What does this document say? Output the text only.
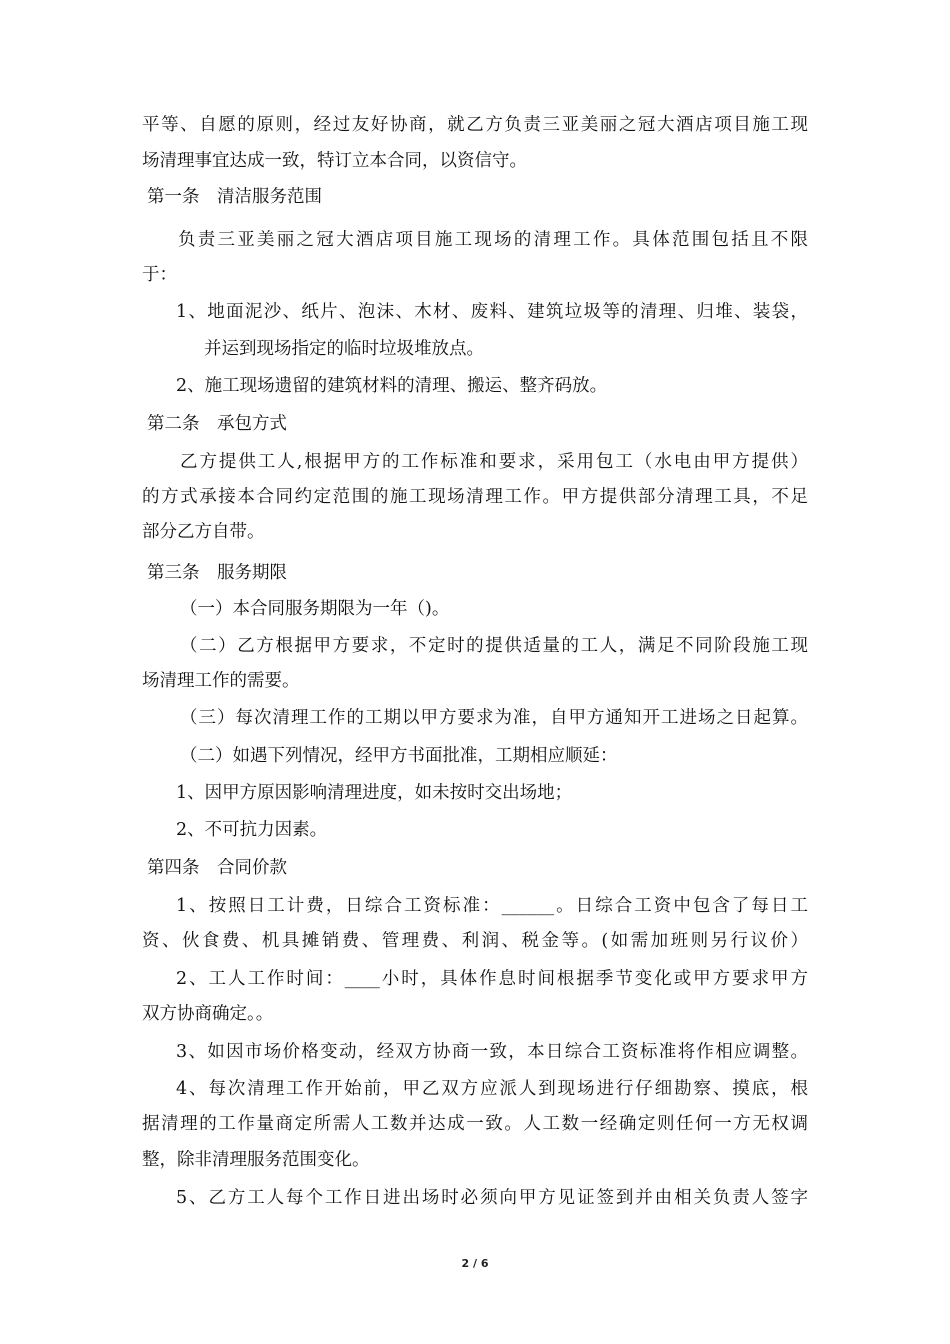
平等、自愿的原则，经过友好协商，就乙方负责三亚美丽之冠大酒店项目施工现
场清理事宜达成一致，特订立本合同，以资信守。
第一条　清洁服务范围
负责三亚美丽之冠大酒店项目施工现场的清理工作。具体范围包括且不限
于：
1、地面泥沙、纸片、泡沫、木材、废料、建筑垃圾等的清理、归堆、装袋，
并运到现场指定的临时垃圾堆放点。
2、施工现场遗留的建筑材料的清理、搬运、整齐码放。
第二条　承包方式
乙方提供工人,根据甲方的工作标准和要求，采用包工（水电由甲方提供）
的方式承接本合同约定范围的施工现场清理工作。甲方提供部分清理工具，不足
部分乙方自带。
第三条　服务期限
（一）本合同服务期限为一年（)。
（二）乙方根据甲方要求，不定时的提供适量的工人，满足不同阶段施工现
场清理工作的需要。
（三）每次清理工作的工期以甲方要求为准，自甲方通知开工进场之日起算。
（二）如遇下列情况，经甲方书面批准，工期相应顺延：
1、因甲方原因影响清理进度，如未按时交出场地；
2、不可抗力因素。
第四条　合同价款
1、按照日工计费，日综合工资标准：______。日综合工资中包含了每日工
资、伙食费、机具摊销费、管理费、利润、税金等。(如需加班则另行议价）
2、工人工作时间：____小时，具体作息时间根据季节变化或甲方要求甲方
双方协商确定。。
3、如因市场价格变动，经双方协商一致，本日综合工资标准将作相应调整。
4、每次清理工作开始前，甲乙双方应派人到现场进行仔细勘察、摸底，根
据清理的工作量商定所需人工数并达成一致。人工数一经确定则任何一方无权调
整，除非清理服务范围变化。
5、乙方工人每个工作日进出场时必须向甲方见证签到并由相关负责人签字
2 / 6
